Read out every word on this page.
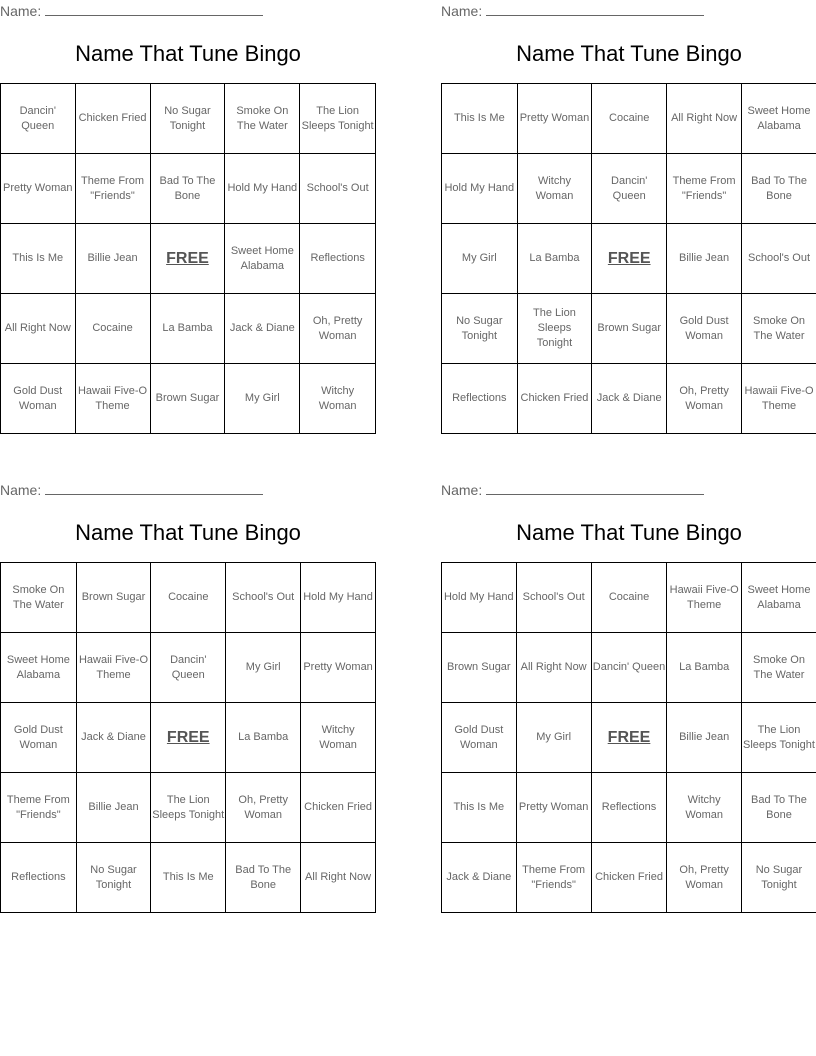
Name:
Name That Tune Bingo
Dancin' Queen	Chicken Fried	No Sugar Tonight	Smoke On The Water	The Lion Sleeps Tonight
Pretty Woman	Theme From "Friends"	Bad To The Bone	Hold My Hand	School's Out
This Is Me	Billie Jean	FREE	Sweet Home Alabama	Reflections
All Right Now	Cocaine	La Bamba	Jack & Diane	Oh, Pretty Woman
Gold Dust Woman	Hawaii Five-O Theme	Brown Sugar	My Girl	Witchy Woman
Name:
Name That Tune Bingo
This Is Me	Pretty Woman	Cocaine	All Right Now	Sweet Home Alabama
Hold My Hand	Witchy Woman	Dancin' Queen	Theme From "Friends"	Bad To The Bone
My Girl	La Bamba	FREE	Billie Jean	School's Out
No Sugar Tonight	The Lion Sleeps Tonight	Brown Sugar	Gold Dust Woman	Smoke On The Water
Reflections	Chicken Fried	Jack & Diane	Oh, Pretty Woman	Hawaii Five-O Theme
Name:
Name That Tune Bingo
Smoke On The Water	Brown Sugar	Cocaine	School's Out	Hold My Hand
Sweet Home Alabama	Hawaii Five-O Theme	Dancin' Queen	My Girl	Pretty Woman
Gold Dust Woman	Jack & Diane	FREE	La Bamba	Witchy Woman
Theme From "Friends"	Billie Jean	The Lion Sleeps Tonight	Oh, Pretty Woman	Chicken Fried
Reflections	No Sugar Tonight	This Is Me	Bad To The Bone	All Right Now
Name:
Name That Tune Bingo
Hold My Hand	School's Out	Cocaine	Hawaii Five-O Theme	Sweet Home Alabama
Brown Sugar	All Right Now	Dancin' Queen	La Bamba	Smoke On The Water
Gold Dust Woman	My Girl	FREE	Billie Jean	The Lion Sleeps Tonight
This Is Me	Pretty Woman	Reflections	Witchy Woman	Bad To The Bone
Jack & Diane	Theme From "Friends"	Chicken Fried	Oh, Pretty Woman	No Sugar Tonight
